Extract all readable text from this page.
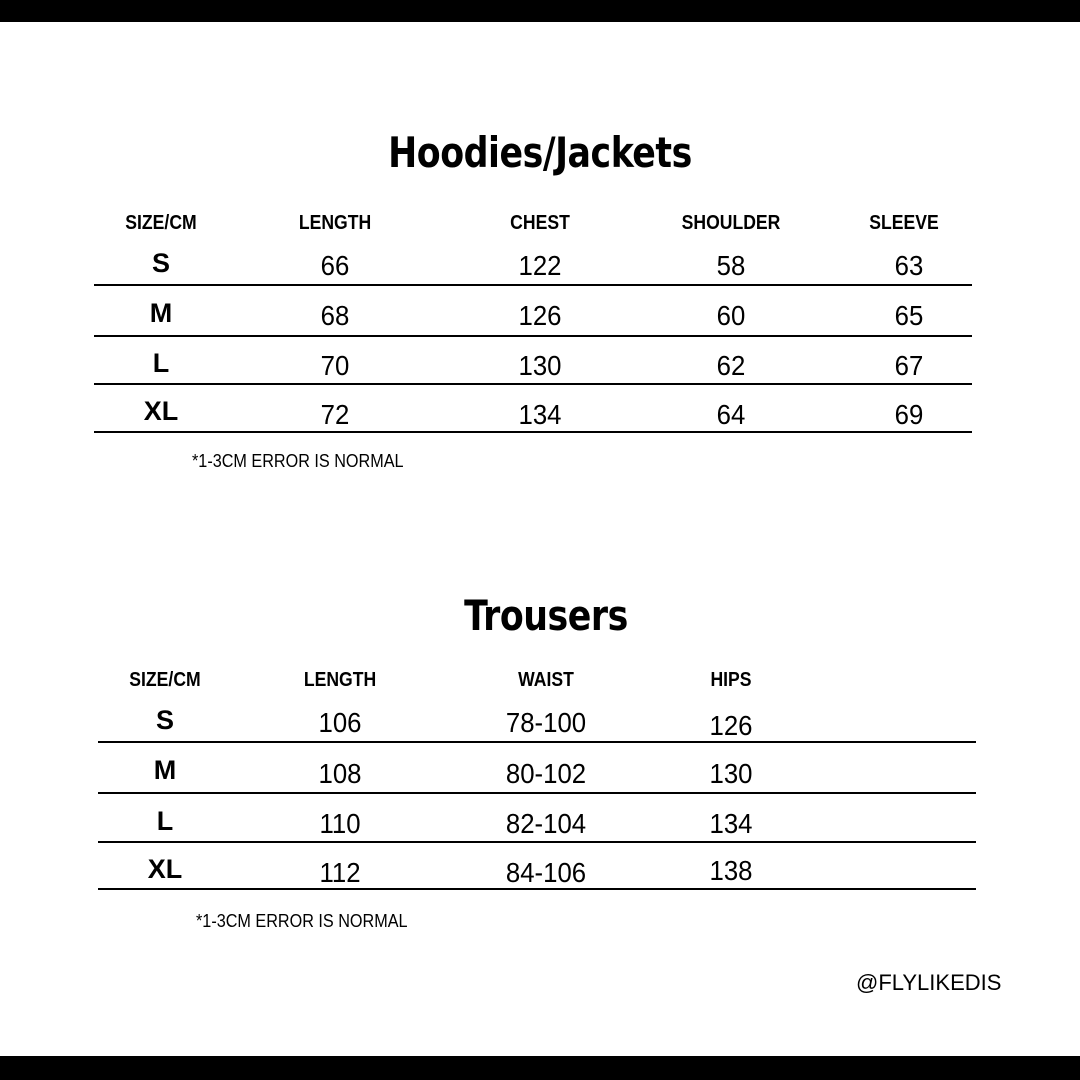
Hoodies/Jackets
SIZE/CM	LENGTH	CHEST	SHOULDER	SLEEVE
S	66	122	58	63
M	68	126	60	65
L	70	130	62	67
XL	72	134	64	69
*1-3CM ERROR IS NORMAL
Trousers
SIZE/CM	LENGTH	WAIST	HIPS
S	106	78-100	126
M	108	80-102	130
L	110	82-104	134
XL	112	84-106	138
*1-3CM ERROR IS NORMAL
@FLYLIKEDIS
